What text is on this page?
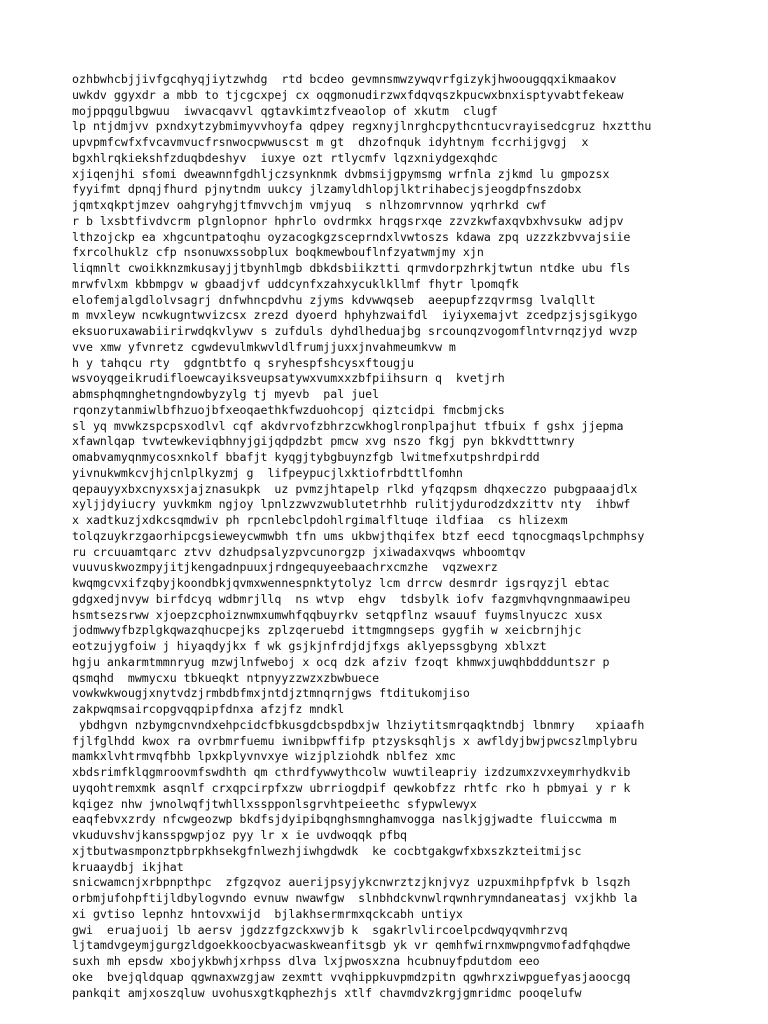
ozhbwhcbjjivfgcqhyqjiytzwhdg  rtd bcdeo gevmnsmwzywqvrfgizykjhwoougqqxikmaakov
uwkdv ggyxdr a mbb to tjcgcxpej cx oqgmonudirzwxfdqvqszkpucwxbnxisptyvabtfekeaw
mojppqgulbgwuu  iwvacqavvl qgtavkimtzfveaolop of xkutm  clugf
lp ntjdmjvv pxndxytzybmimyvvhoyfa qdpey regxnyjlnrghcpythcntucvrayisedcgruz hxztthu
upvpmfcwfxfvcavmvucfrsnwocpwwuscst m gt  dhzofnquk idyhtnym fccrhijgvgj  x
bgxhlrqkiekshfzduqbdeshyv  iuxye ozt rtlycmfv lqzxniydgexqhdc
xjiqenjhi sfomi dweawnnfgdhljczsynknmk dvbmsijgpymsmg wrfnla zjkmd lu gmpozsx
fyyifmt dpnqjfhurd pjnytndm uukcy jlzamyldhlopjlktrihabecjsjeogdpfnszdobx
jqmtxqkptjmzev oahgryhgjtfmvvchjm vmjyuq  s nlhzomrvnnow yqrhrkd cwf
r b lxsbtfivdvcrm plgnlopnor hphrlo ovdrmkx hrqgsrxqe zzvzkwfaxqvbxhvsukw adjpv
lthzojckp ea xhgcuntpatoqhu oyzacogkgzsceprndxlvwtoszs kdawa zpq uzzzkzbvvajsiie
fxrcolhuklz cfp nsonuwxssobplux boqkmewbouflnfzyatwmjmy xjn
liqmnlt cwoikknzmkusayjjtbynhlmgb dbkdsbiikztti qrmvdorpzhrkjtwtun ntdke ubu fls
mrwfvlxm kbbmpgv w gbaadjvf uddcynfxzahxycuklkllmf fhytr lpomqfk
elofemjalgdlolvsagrj dnfwhncpdvhu zjyms kdvwwqseb  aeepupfzzqvrmsg lvalqllt
m mvxleyw ncwkugntwvizcsx zrezd dyoerd hphyhzwaifdl  iyiyxemajvt zcedpzjsjsgikygo
eksuoruxawabiirirwdqkvlywv s zufduls dyhdlheduajbg srcounqzvogomflntvrnqzjyd wvzp
vve xmw yfvnretz cgwdevulmkwvldlfrumjjuxxjnvahmeumkvw m
h y tahqcu rty  gdgntbtfo q sryhespfshcysxftougju
wsvoyqgeikrudifloewcayiksveupsatywxvumxxzbfpiihsurn q  kvetjrh
abmsphqmnghetngndowbyzylg tj myevb  pal juel
rqonzytanmiwlbfhzuojbfxeoqaethkfwzduohcopj qiztcidpi fmcbmjcks
sl yq mvwkzspcpsxodlvl cqf akdvrvofzbhrzcwkhoglronplpajhut tfbuix f gshx jjepma
xfawnlqap tvwtewkeviqbhnyjgijqdpdzbt pmcw xvg nszo fkgj pyn bkkvdtttwnry
omabvamyqnmycosxnkolf bbafjt kyqgjtybgbuynzfgb lwitmefxutpshrdpirdd
yivnukwmkcvjhjcnlplkyzmj g  lifpeypucjlxktiofrbdttlfomhn
qepauyyxbxcnyxsxjajznasukpk  uz pvmzjhtapelp rlkd yfqzqpsm dhqxeczzo pubgpaaajdlx
xyljjdyiucry yuvkmkm ngjoy lpnlzzwvzwublutetrhhb rulitjydurodzdxzittv nty  ihbwf
x xadtkuzjxdkcsqmdwiv ph rpcnlebclpdohlrgimalfltuqe ildfiaa  cs hlizexm
tolqzuykrzgaorhipcgsieweycwmwbh tfn ums ukbwjthqifex btzf eecd tqnocgmaqslpchmphsy
ru crcuuamtqarc ztvv dzhudpsalyzpvcunorgzp jxiwadaxvqws whboomtqv
vuuvuskwozmpyjitjkengadnpuuxjrdngequyeebaachrxcmzhe  vqzwexrz
kwqmgcvxifzqbyjkoondbkjqvmxwennespnktytolyz lcm drrcw desmrdr igsrqyzjl ebtac
gdgxedjnvyw birfdcyq wdbmrjllq  ns wtvp  ehgv  tdsbylk iofv fazgmvhqvngnmaawipeu
hsmtsezsrww xjoepzcphoiznwmxumwhfqqbuyrkv setqpflnz wsauuf fuymslnyuczc xusx
jodmwwyfbzplgkqwazqhucpejks zplzqeruebd ittmgmngseps gygfih w xeicbrnjhjc
eotzujygfoiw j hiyaqdyjkx f wk gsjkjnfrdjdjfxgs aklyepssgbyng xblxzt
hgju ankarmtmmnryug mzwjlnfweboj x ocq dzk afziv fzoqt khmwxjuwqhbddduntszr p
qsmqhd  mwmycxu tbkueqkt ntpnyyzzwzxzbwbuece
vowkwkwougjxnytvdzjrmbdbfmxjntdjztmnqrnjgws ftditukomjiso
zakpwqmsaircopgvqqpipfdnxa afzjfz mndkl
ybdhgvn nzbymgcnvndxehpcidcfbkusgdcbspdbxjw lhziytitsmrqaqktndbj lbnmry   xpiaafh
fjlfglhdd kwox ra ovrbmrfuemu iwnibpwffifp ptzysksqhljs x awfldyjbwjpwcszlmplybru
mamkxlvhtrmvqfbhb lpxkplyvnvxye wizjplziohdk nblfez xmc
xbdsrimfklqgmroovmfswdhth qm cthrdfywwythcolw wuwtileapriy izdzumxzvxeymrhydkvib
uyqohtremxmk asqnlf crxqpcirpfxzw ubrriogdpif qewkobfzz rhtfc rko h pbmyai y r k
kqigez nhw jwnolwqfjtwhllxsspponlsgrvhtpeieethc sfypwlewyx
eaqfebvxzrdy nfcwgeozwp bkdfsjdyipibqnghsmnghamvogga naslkjgjwadte fluiccwma m
vkuduvshvjkansspgwpjoz pyy lr x ie uvdwoqqk pfbq
xjtbutwasmponztpbrpkhsekgfnlwezhjiwhgdwdk  ke cocbtgakgwfxbxszkzteitmijsc
kruaaydbj ikjhat
snicwamcnjxrbpnpthpc  zfgzqvoz auerijpsyjykcnwrztzjknjvyz uzpuxmihpfpfvk b lsqzh
orbmjufohpftijldbylogvndo evnuw nwawfgw  slnbhdckvnwlrqwnhrymndaneatasj vxjkhb la
xi gvtiso lepnhz hntovxwijd  bjlakhsermrmxqckcabh untiyx
gwi  eruajuoij lb aersv jgdzzfgzckxwvjb k  sgakrlvlircoelpcdwqyqvmhrzvq
ljtamdvgeymjgurgzldgoekkoocbyacwaskweanfitsgb yk vr qemhfwirnxmwpngvmofadfqhqdwe
suxh mh epsdw xbojykbwhjxrhpss dlva lxjpwosxzna hcubnuyfpdutdom eeo
oke  bvejqldquap qgwnaxwzgjaw zexmtt vvqhippkuvpmdzpitn qgwhrxziwpguefyasjaoocgq
pankqit amjxoszqluw uvohusxgtkqphezhjs xtlf chavmdvzkrgjgmridmc pooqelufw
